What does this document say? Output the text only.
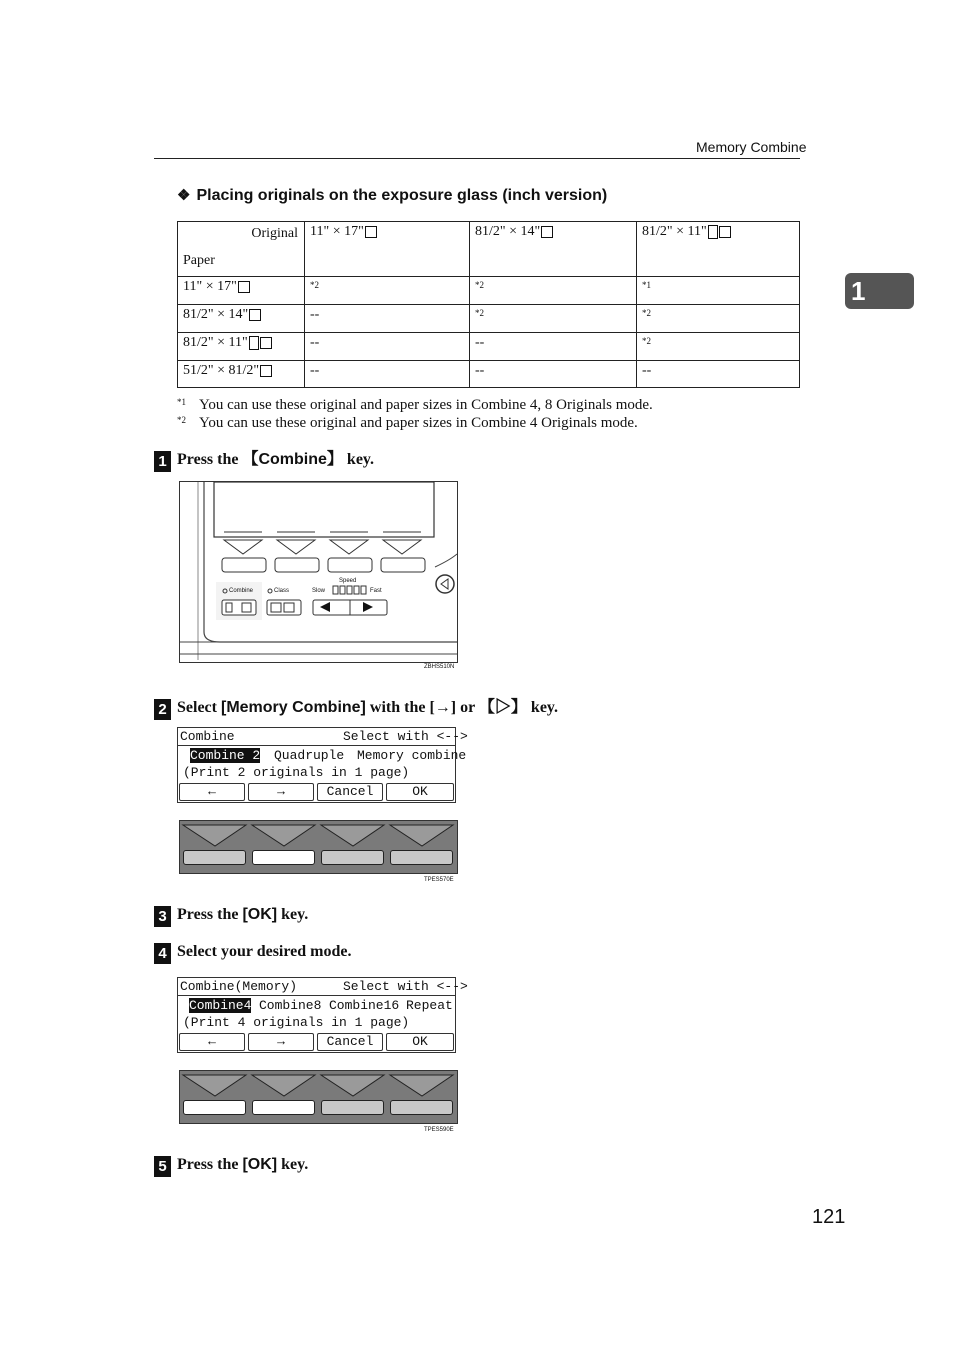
Memory Combine
1
❖ Placing originals on the exposure glass (inch version)
Original
Paper	11" × 17"	81/2" × 14"	81/2" × 11"
11" × 17"	*2	*2	*1
81/2" × 14"	--	*2	*2
81/2" × 11"	--	--	*2
51/2" × 81/2"	--	--	--
*1 You can use these original and paper sizes in Combine 4, 8 Originals mode.
*2 You can use these original and paper sizes in Combine 4 Originals mode.
1 Press the 【Combine】 key.
Combine	Class
Speed
Slow	Fast
ZBHS510N
2 Select [Memory Combine] with the [→] or 【▷】 key.
Combine	Select with <-->
Combine 2 Quadruple Memory combine
(Print 2 originals in 1 page)
←	→	Cancel	OK
TPES570E
3 Press the [OK] key.
4 Select your desired mode.
Combine(Memory)	Select with <-->
Combine4 Combine8 Combine16 Repeat
(Print 4 originals in 1 page)
←	→	Cancel	OK
TPES590E
5 Press the [OK] key.
121
